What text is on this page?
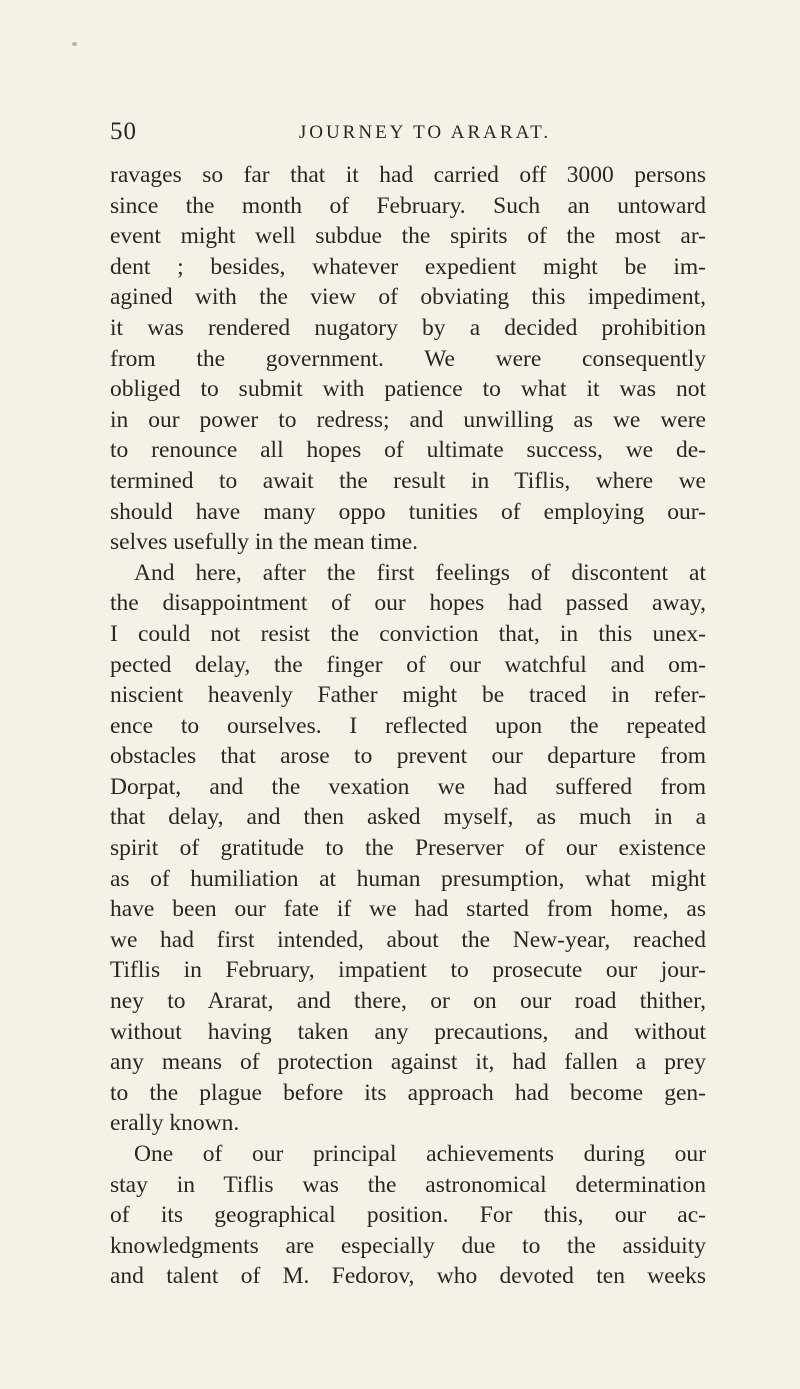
50	JOURNEY TO ARARAT.
ravages so far that it had carried off 3000 persons
since the month of February. Such an untoward
event might well subdue the spirits of the most ar-
dent ; besides, whatever expedient might be im-
agined with the view of obviating this impediment,
it was rendered nugatory by a decided prohibition
from the government. We were consequently
obliged to submit with patience to what it was not
in our power to redress; and unwilling as we were
to renounce all hopes of ultimate success, we de-
termined to await the result in Tiflis, where we
should have many oppo tunities of employing our-
selves usefully in the mean time.
And here, after the first feelings of discontent at
the disappointment of our hopes had passed away,
I could not resist the conviction that, in this unex-
pected delay, the finger of our watchful and om-
niscient heavenly Father might be traced in refer-
ence to ourselves. I reflected upon the repeated
obstacles that arose to prevent our departure from
Dorpat, and the vexation we had suffered from
that delay, and then asked myself, as much in a
spirit of gratitude to the Preserver of our existence
as of humiliation at human presumption, what might
have been our fate if we had started from home, as
we had first intended, about the New-year, reached
Tiflis in February, impatient to prosecute our jour-
ney to Ararat, and there, or on our road thither,
without having taken any precautions, and without
any means of protection against it, had fallen a prey
to the plague before its approach had become gen-
erally known.
One of our principal achievements during our
stay in Tiflis was the astronomical determination
of its geographical position. For this, our ac-
knowledgments are especially due to the assiduity
and talent of M. Fedorov, who devoted ten weeks
